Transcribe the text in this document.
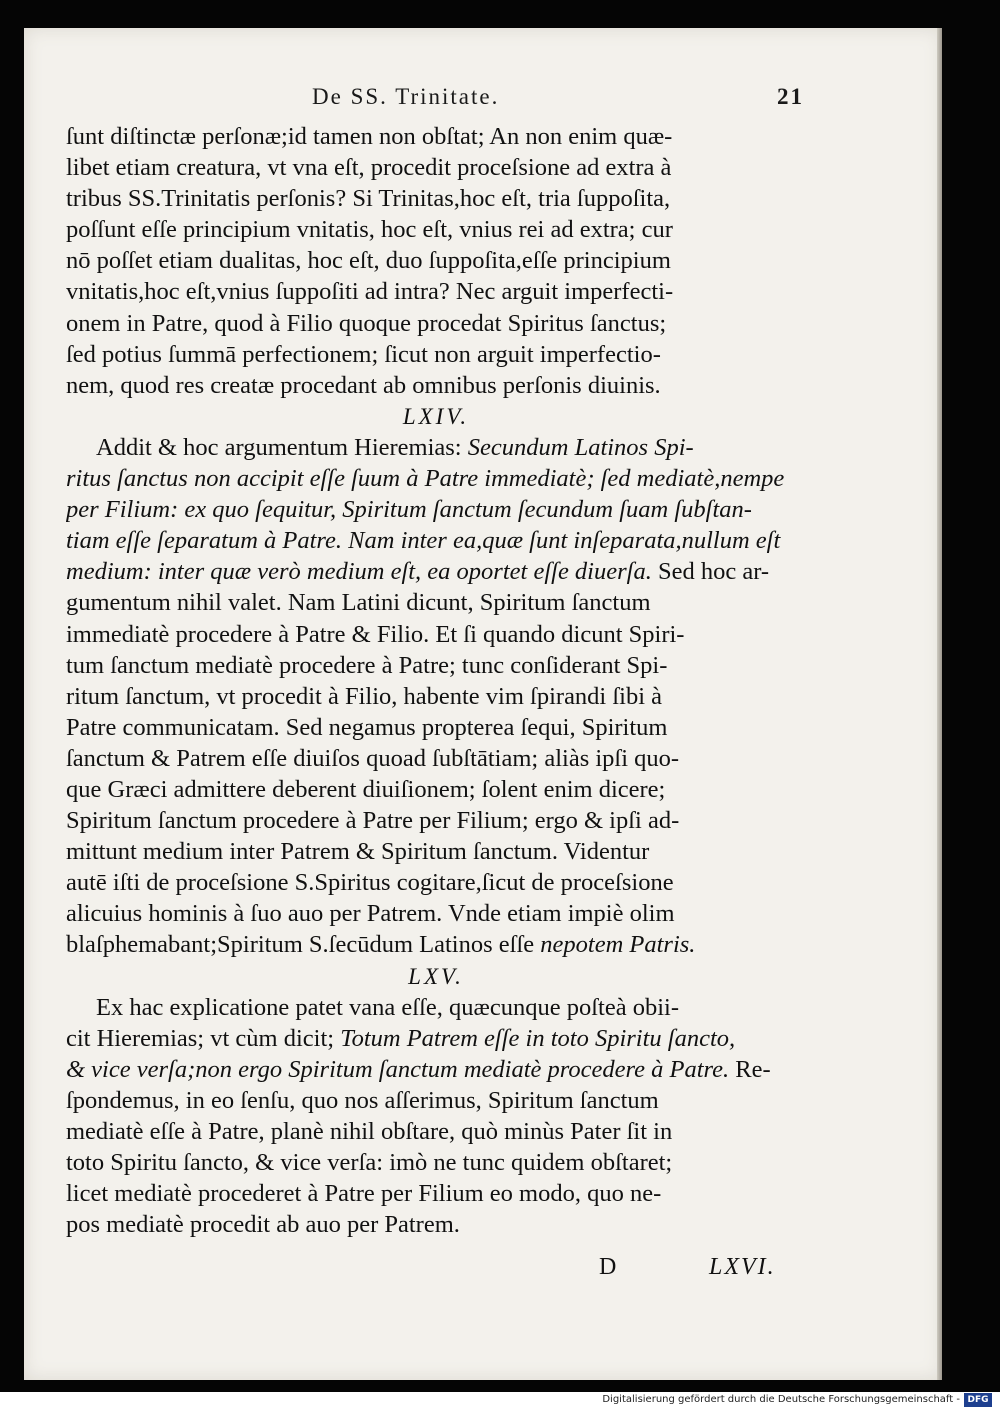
De SS. Trinitate.	21
ſunt diſtinctæ perſonæ;id tamen non obſtat; An non enim quæ-
libet etiam creatura, vt vna eſt, procedit proceſsione ad extra à
tribus SS.Trinitatis perſonis? Si Trinitas,hoc eſt, tria ſuppoſita,
poſſunt eſſe principium vnitatis, hoc eſt, vnius rei ad extra; cur
nō poſſet etiam dualitas, hoc eſt, duo ſuppoſita,eſſe principium
vnitatis,hoc eſt,vnius ſuppoſiti ad intra? Nec arguit imperfecti-
onem in Patre, quod à Filio quoque procedat Spiritus ſanctus;
ſed potius ſummā perfectionem; ſicut non arguit imperfectio-
nem, quod res creatæ procedant ab omnibus perſonis diuinis.
LXIV.
Addit & hoc argumentum Hieremias: Secundum Latinos Spi-
ritus ſanctus non accipit eſſe ſuum à Patre immediatè; ſed mediatè,nempe
per Filium: ex quo ſequitur, Spiritum ſanctum ſecundum ſuam ſubſtan-
tiam eſſe ſeparatum à Patre. Nam inter ea,quæ ſunt inſeparata,nullum eſt
medium: inter quæ verò medium eſt, ea oportet eſſe diuerſa. Sed hoc ar-
gumentum nihil valet. Nam Latini dicunt, Spiritum ſanctum
immediatè procedere à Patre & Filio. Et ſi quando dicunt Spiri-
tum ſanctum mediatè procedere à Patre; tunc conſiderant Spi-
ritum ſanctum, vt procedit à Filio, habente vim ſpirandi ſibi à
Patre communicatam. Sed negamus propterea ſequi, Spiritum
ſanctum & Patrem eſſe diuiſos quoad ſubſtātiam; aliàs ipſi quo-
que Græci admittere deberent diuiſionem; ſolent enim dicere;
Spiritum ſanctum procedere à Patre per Filium; ergo & ipſi ad-
mittunt medium inter Patrem & Spiritum ſanctum. Videntur
autē iſti de proceſsione S.Spiritus cogitare,ſicut de proceſsione
alicuius hominis à ſuo auo per Patrem. Vnde etiam impiè olim
blaſphemabant;Spiritum S.ſecūdum Latinos eſſe nepotem Patris.
LXV.
Ex hac explicatione patet vana eſſe, quæcunque poſteà obii-
cit Hieremias; vt cùm dicit; Totum Patrem eſſe in toto Spiritu ſancto,
& vice verſa;non ergo Spiritum ſanctum mediatè procedere à Patre. Re-
ſpondemus, in eo ſenſu, quo nos aſſerimus, Spiritum ſanctum
mediatè eſſe à Patre, planè nihil obſtare, quò minùs Pater ſit in
toto Spiritu ſancto, & vice verſa: imò ne tunc quidem obſtaret;
licet mediatè procederet à Patre per Filium eo modo, quo ne-
pos mediatè procedit ab auo per Patrem.
D	LXVI.
Digitalisierung gefördert durch die Deutsche Forschungsgemeinschaft - DFG
